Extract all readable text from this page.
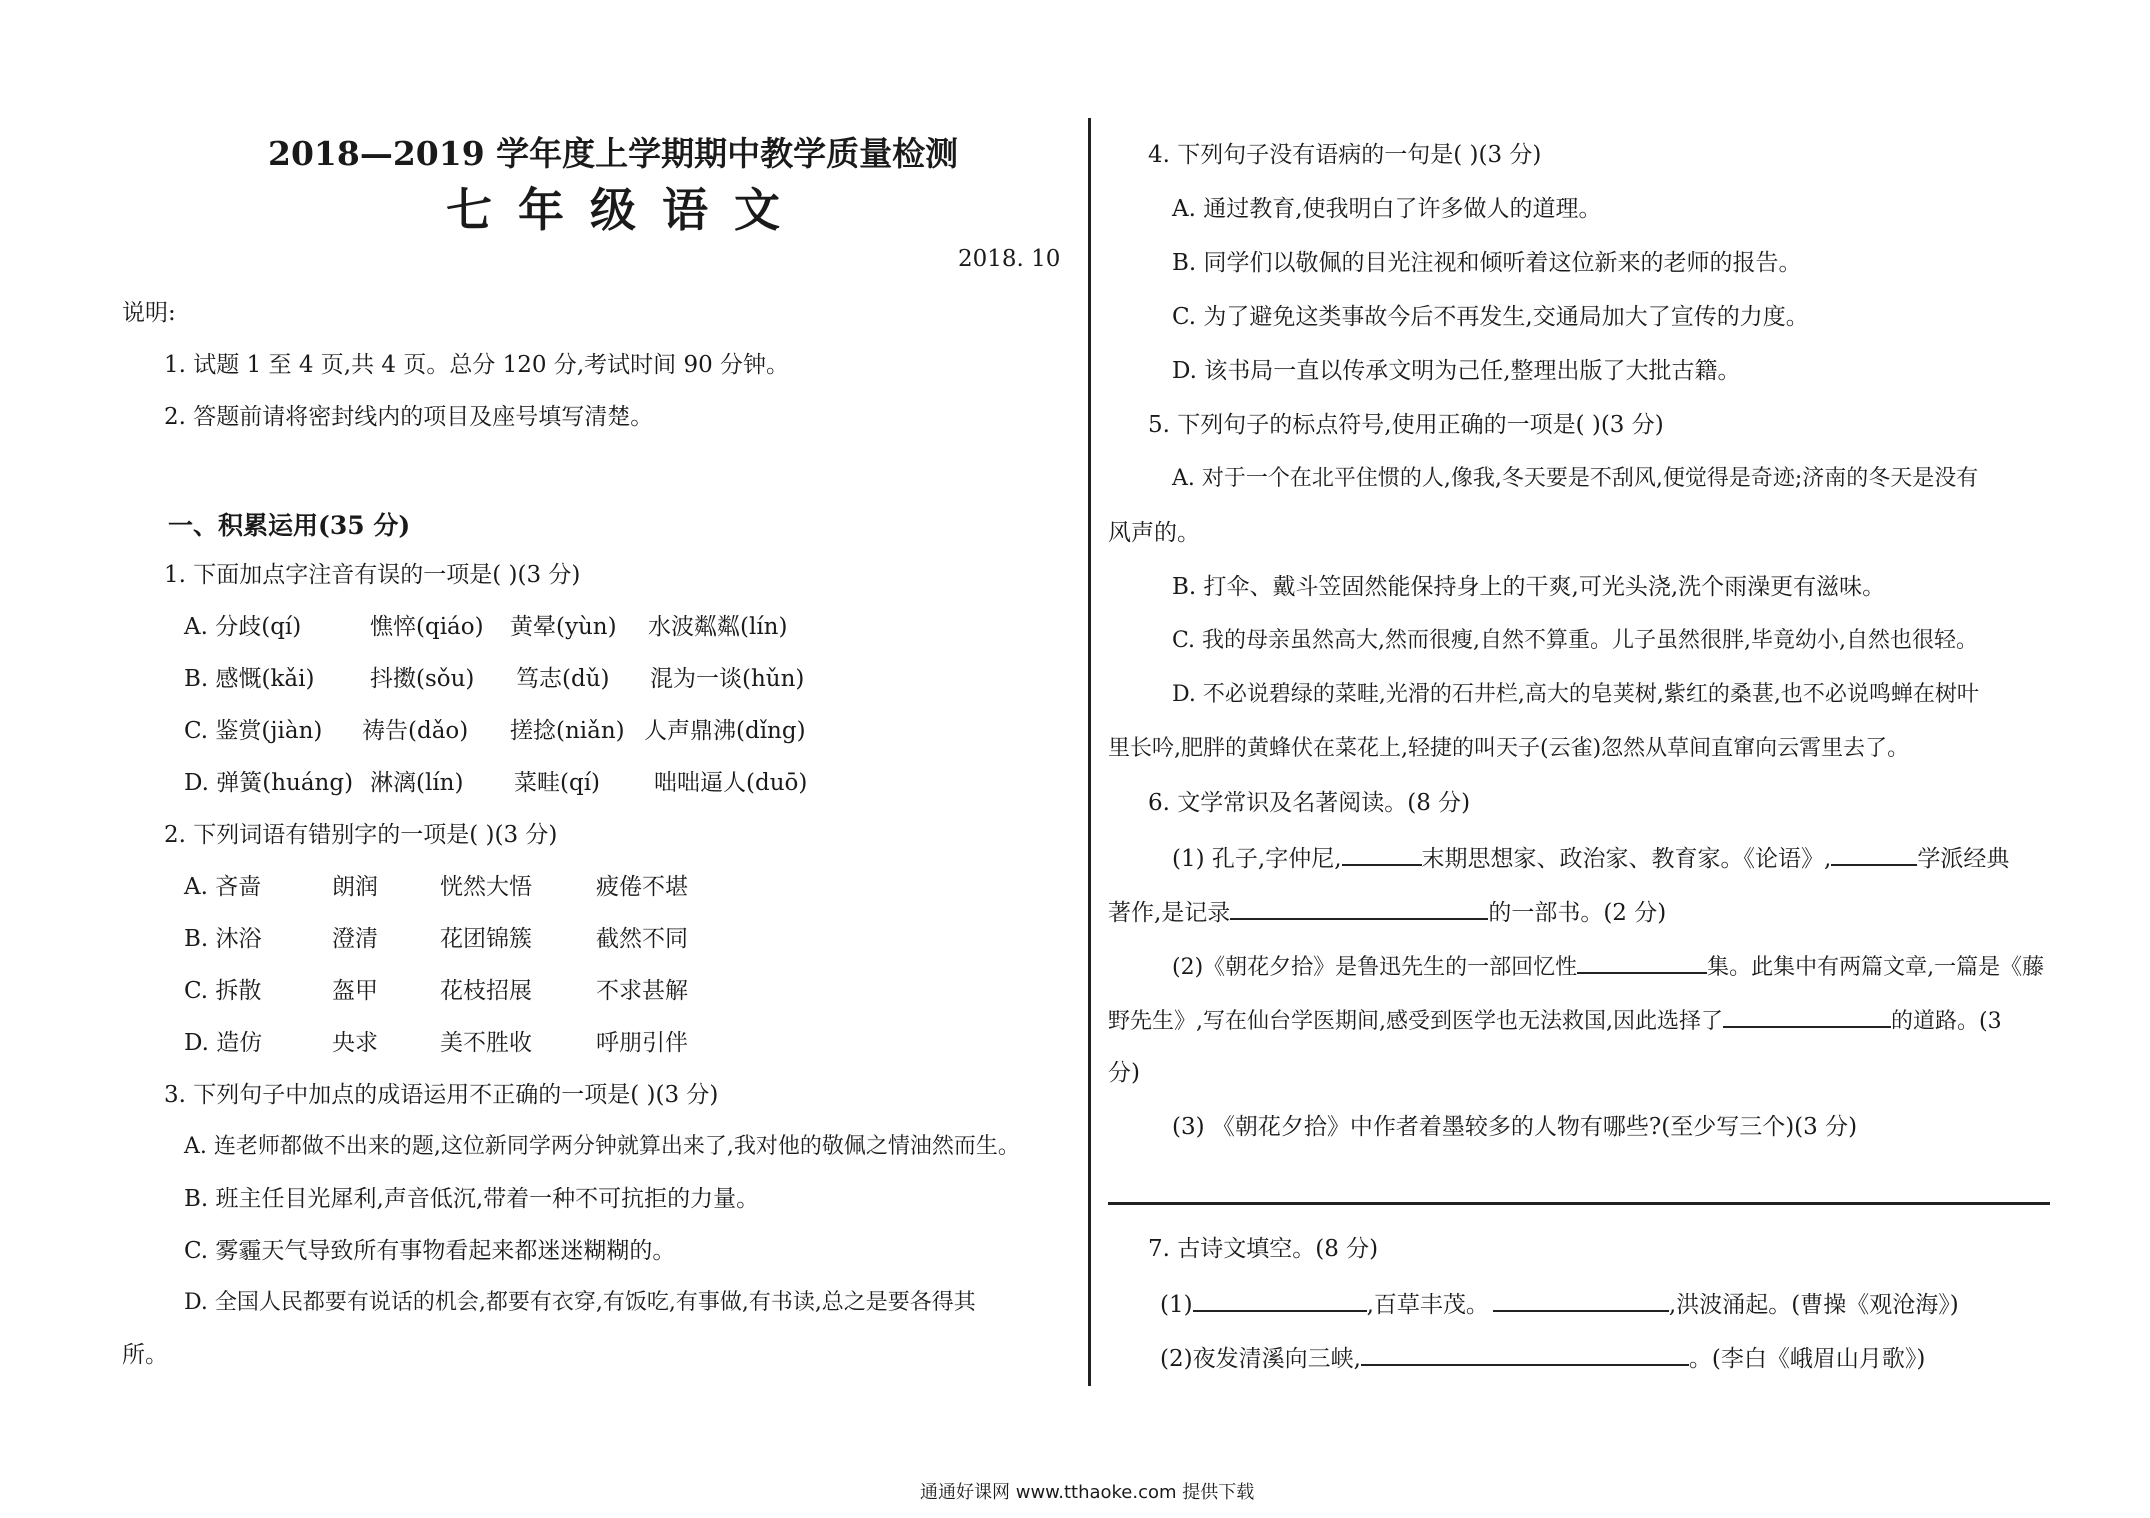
2018—2019 学年度上学期期中教学质量检测
七年级语文
2018. 10
说明:
1. 试题 1 至 4 页,共 4 页。总分 120 分,考试时间 90 分钟。
2. 答题前请将密封线内的项目及座号填写清楚。
一、积累运用(35 分)
1. 下面加点字注音有误的一项是( )(3 分)
A. 分歧(qí)	憔悴(qiáo) 黄晕(yùn) 水波粼粼(lín)
B. 感慨(kǎi) 抖擞(sǒu) 笃志(dǔ) 混为一谈(hǔn)
C. 鉴赏(jiàn) 祷告(dǎo) 搓捻(niǎn) 人声鼎沸(dǐng)
D. 弹簧(huáng) 淋漓(lín) 菜畦(qí) 咄咄逼人(duō)
2. 下列词语有错别字的一项是( )(3 分)
A. 吝啬	朗润	恍然大悟	疲倦不堪
B. 沐浴	澄清	花团锦簇	截然不同
C. 拆散	盔甲	花枝招展	不求甚解
D. 造仿	央求	美不胜收	呼朋引伴
3. 下列句子中加点的成语运用不正确的一项是( )(3 分)
A. 连老师都做不出来的题,这位新同学两分钟就算出来了,我对他的敬佩之情油然而生。
B. 班主任目光犀利,声音低沉,带着一种不可抗拒的力量。
C. 雾霾天气导致所有事物看起来都迷迷糊糊的。
D. 全国人民都要有说话的机会,都要有衣穿,有饭吃,有事做,有书读,总之是要各得其
所。
4. 下列句子没有语病的一句是( )(3 分)
A. 通过教育,使我明白了许多做人的道理。
B. 同学们以敬佩的目光注视和倾听着这位新来的老师的报告。
C. 为了避免这类事故今后不再发生,交通局加大了宣传的力度。
D. 该书局一直以传承文明为己任,整理出版了大批古籍。
5. 下列句子的标点符号,使用正确的一项是( )(3 分)
A. 对于一个在北平住惯的人,像我,冬天要是不刮风,便觉得是奇迹;济南的冬天是没有
风声的。
B. 打伞、戴斗笠固然能保持身上的干爽,可光头浇,洗个雨澡更有滋味。
C. 我的母亲虽然高大,然而很瘦,自然不算重。儿子虽然很胖,毕竟幼小,自然也很轻。
D. 不必说碧绿的菜畦,光滑的石井栏,高大的皂荚树,紫红的桑葚,也不必说鸣蝉在树叶
里长吟,肥胖的黄蜂伏在菜花上,轻捷的叫天子(云雀)忽然从草间直窜向云霄里去了。
6. 文学常识及名著阅读。(8 分)
(1) 孔子,字仲尼,	末期思想家、政治家、教育家。《论语》,	学派经典
著作,是记录	的一部书。(2 分)
(2)《朝花夕拾》是鲁迅先生的一部回忆性	集。此集中有两篇文章,一篇是《藤
野先生》,写在仙台学医期间,感受到医学也无法救国,因此选择了	的道路。(3
分)
(3) 《朝花夕拾》中作者着墨较多的人物有哪些?(至少写三个)(3 分)
7. 古诗文填空。(8 分)
(1)	,百草丰茂。	,洪波涌起。(曹操《观沧海》)
(2)夜发清溪向三峡,	。(李白《峨眉山月歌》)
通通好课网 www.tthaoke.com 提供下载
